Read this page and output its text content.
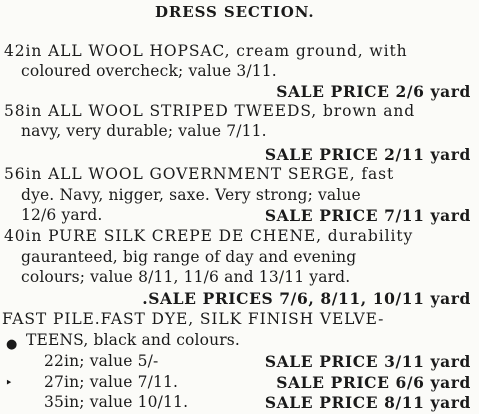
DRESS SECTION.
42in ALL WOOL HOPSAC, cream ground, with
coloured overcheck; value 3/11.
SALE PRICE 2/6 yard
58in ALL WOOL STRIPED TWEEDS, brown and
navy, very durable; value 7/11.
SALE PRICE 2/11 yard
56in ALL WOOL GOVERNMENT SERGE, fast
dye. Navy, nigger, saxe. Very strong; value
12/6 yard.	SALE PRICE 7/11 yard
40in PURE SILK CREPE DE CHENE, durability
gauranteed, big range of day and evening
colours; value 8/11, 11/6 and 13/11 yard.
.SALE PRICES 7/6, 8/11, 10/11 yard
FAST PILE.FAST DYE, SILK FINISH VELVE-
● TEENS, black and colours.
22in; value 5/-	SALE PRICE 3/11 yard
‣ 27in; value 7/11.	SALE PRICE 6/6 yard
35in; value 10/11.	SALE PRICE 8/11 yard
